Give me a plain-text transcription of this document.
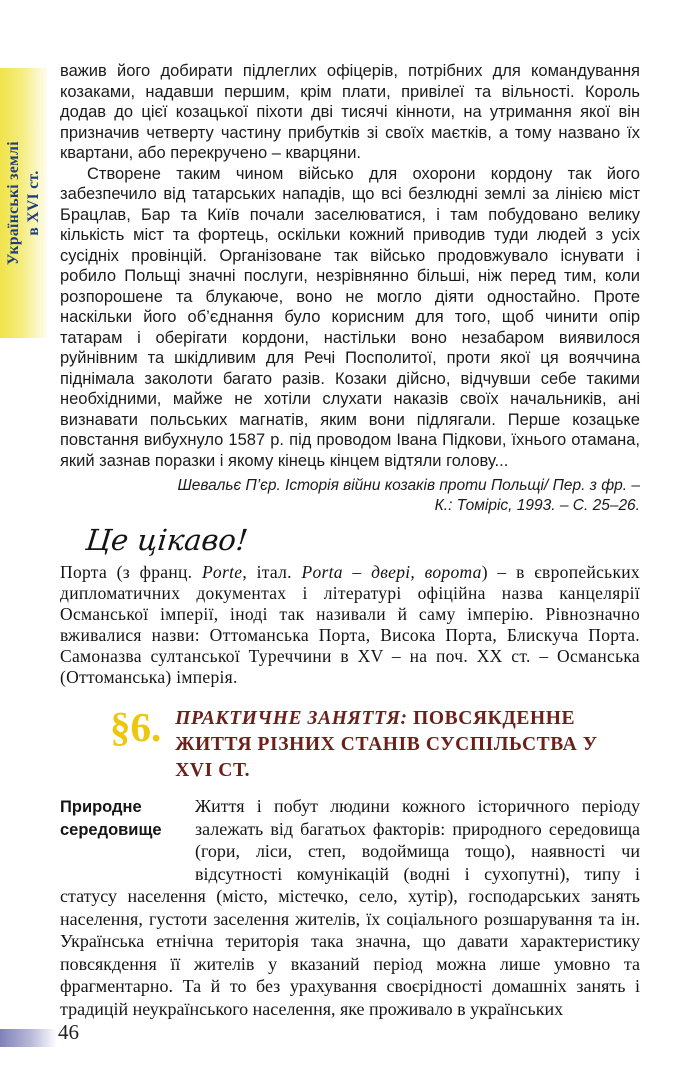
Українські землі в XVI ст.

важив його добирати підлеглих офіцерів, потрібних для командування козаками, надавши першим, крім плати, привілеї та вільності. Король додав до цієї козацької піхоти дві тисячі кінноти, на утримання якої він призначив четверту частину прибутків зі своїх маєтків, а тому названо їх квартани, або перекручено – кварцяни.

Створене таким чином військо для охорони кордону так його забезпечило від татарських нападів, що всі безлюдні землі за лінією міст Брацлав, Бар та Київ почали заселюватися, і там побудовано велику кількість міст та фортець, оскільки кожний приводив туди людей з усіх сусідніх провінцій. Організоване так військо продовжувало існувати і робило Польщі значні послуги, незрівнянно більші, ніж перед тим, коли розпорошене та блукаюче, воно не могло діяти одностайно. Проте наскільки його об’єднання було корисним для того, щоб чинити опір татарам і оберігати кордони, настільки воно незабаром виявилося руйнівним та шкідливим для Речі Посполитої, проти якої ця вояччина піднімала заколоти багато разів. Козаки дійсно, відчувши себе такими необхідними, майже не хотіли слухати наказів своїх начальників, ані визнавати польських магнатів, яким вони підлягали. Перше козацьке повстання вибухнуло 1587 р. під проводом Івана Підкови, їхнього отамана, який зазнав поразки і якому кінець кінцем відтяли голову...

Шевальє П’єр. Історія війни козаків проти Польщі/ Пер. з фр. –
К.: Томіріс, 1993. – С. 25–26.
Це цікаво!

Порта (з франц. Porte, італ. Porta – двері, ворота) – в європейських дипломатичних документах і літературі офіційна назва канцелярії Османської імперії, іноді так називали й саму імперію. Рівнозначно вживалися назви: Оттоманська Порта, Висока Порта, Блискуча Порта. Самоназва султанської Туреччини в XV – на поч. XX ст. – Османська (Оттоманська) імперія.

§6. ПРАКТИЧНЕ ЗАНЯТТЯ: ПОВСЯКДЕННЕ ЖИТТЯ РІЗНИХ СТАНІВ СУСПІЛЬСТВА У XVI СТ.
Природне середовище

Життя і побут людини кожного історичного періоду залежать від багатьох факторів: природного середовища (гори, ліси, степ, водоймища тощо), наявності чи відсутності комунікацій (водні і сухопутні), типу і статусу населення (місто, містечко, село, хутір), господарських занять населення, густоти заселення жителів, їх соціального розшарування та ін. Українська етнічна територія така значна, що давати характеристику повсякдення її жителів у вказаний період можна лише умовно та фрагментарно. Та й то без урахування своєрідності домашніх занять і традицій неукраїнського населення, яке проживало в українських

46
